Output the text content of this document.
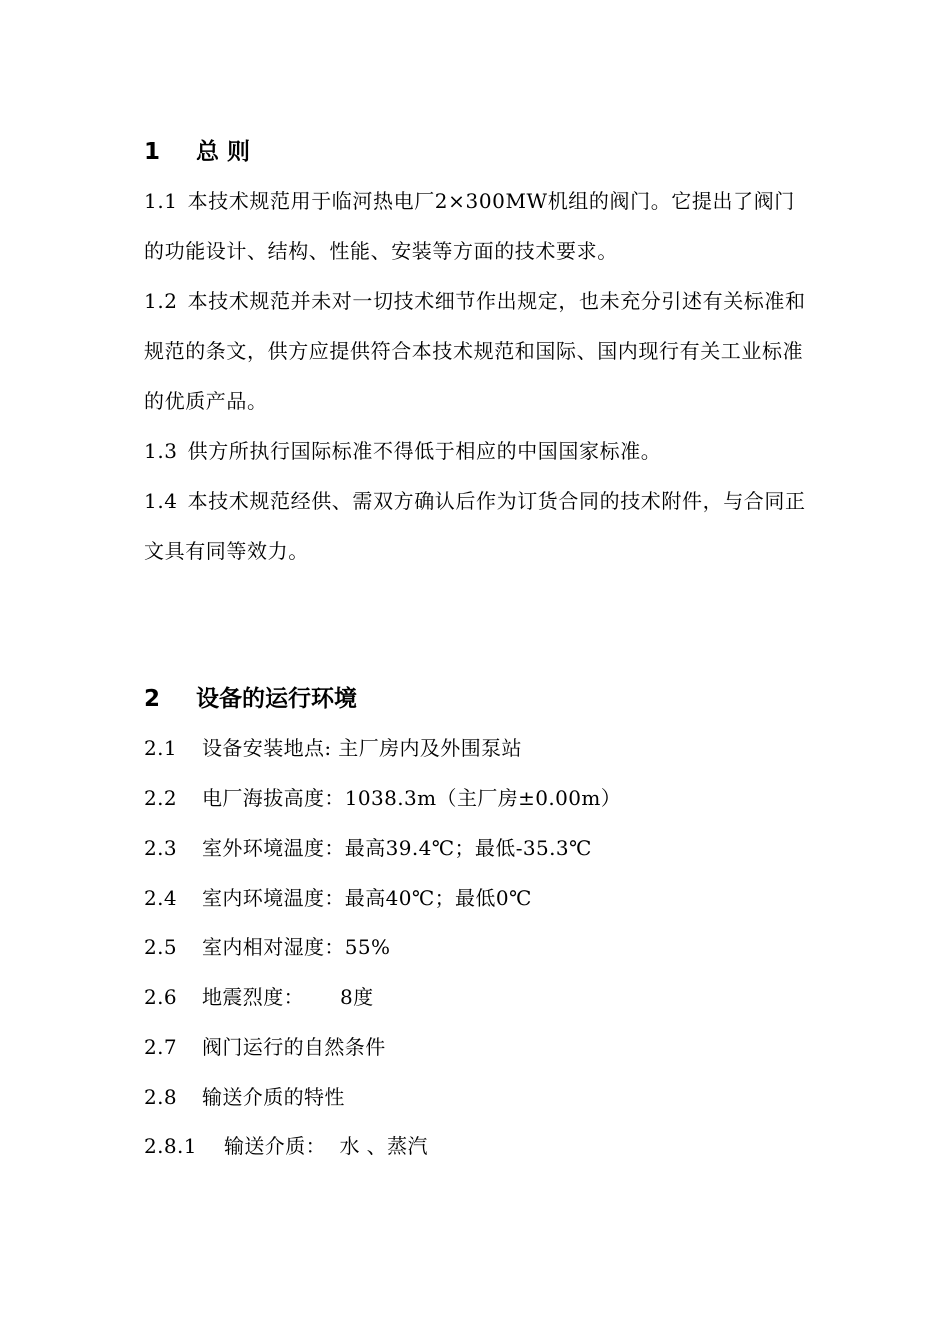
1 总 则
1.1 本技术规范用于临河热电厂2×300MW机组的阀门。它提出了阀门的功能设计、结构、性能、安装等方面的技术要求。
1.2 本技术规范并未对一切技术细节作出规定，也未充分引述有关标准和规范的条文，供方应提供符合本技术规范和国际、国内现行有关工业标准的优质产品。
1.3 供方所执行国际标准不得低于相应的中国国家标准。
1.4 本技术规范经供、需双方确认后作为订货合同的技术附件，与合同正文具有同等效力。
2 设备的运行环境
2.1 设备安装地点: 主厂房内及外围泵站
2.2 电厂海拔高度：1038.3m（主厂房±0.00m）
2.3 室外环境温度：最高39.4℃；最低-35.3℃
2.4 室内环境温度：最高40℃；最低0℃
2.5 室内相对湿度：55%
2.6 地震烈度： 8度
2.7 阀门运行的自然条件
2.8 输送介质的特性
2.8.1 输送介质：  水 、蒸汽
